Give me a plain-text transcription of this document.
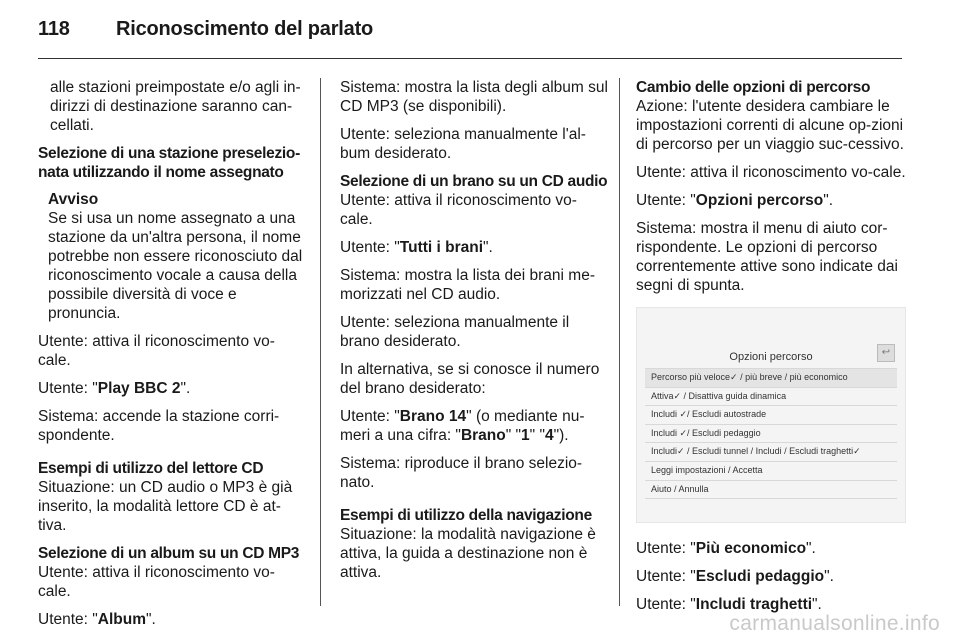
118 Riconoscimento del parlato

alle stazioni preimpostate e/o agli in-dirizzi di destinazione saranno can-cellati.

Selezione di una stazione preselezio-nata utilizzando il nome assegnato

Avviso

Se si usa un nome assegnato a una stazione da un'altra persona, il nome potrebbe non essere riconosciuto dal riconoscimento vocale a causa della possibile diversità di voce e pronuncia.

Utente: attiva il riconoscimento vo-cale.

Utente: "Play BBC 2".

Sistema: accende la stazione corri-spondente.

Esempi di utilizzo del lettore CD

Situazione: un CD audio o MP3 è già inserito, la modalità lettore CD è at-tiva.

Selezione di un album su un CD MP3

Utente: attiva il riconoscimento vo-cale.

Utente: "Album".

Sistema: mostra la lista degli album sul CD MP3 (se disponibili).

Utente: seleziona manualmente l'al-bum desiderato.

Selezione di un brano su un CD audio

Utente: attiva il riconoscimento vo-cale.

Utente: "Tutti i brani".

Sistema: mostra la lista dei brani me-morizzati nel CD audio.

Utente: seleziona manualmente il brano desiderato.

In alternativa, se si conosce il numero del brano desiderato:

Utente: "Brano 14" (o mediante nu-meri a una cifra: "Brano" "1" "4").

Sistema: riproduce il brano selezio-nato.

Esempi di utilizzo della navigazione

Situazione: la modalità navigazione è attiva, la guida a destinazione non è attiva.

Cambio delle opzioni di percorso

Azione: l'utente desidera cambiare le impostazioni correnti di alcune op-zioni di percorso per un viaggio suc-cessivo.

Utente: attiva il riconoscimento vo-cale.

Utente: "Opzioni percorso".

Sistema: mostra il menu di aiuto cor-rispondente. Le opzioni di percorso correntemente attive sono indicate dai segni di spunta.

Opzioni percorso	↩
Percorso più veloce✓ / più breve / più economico
Attiva✓ / Disattiva guida dinamica
Includi ✓/ Escludi autostrade
Includi ✓/ Escludi pedaggio
Includi✓ / Escludi tunnel / Includi / Escludi traghetti✓
Leggi impostazioni / Accetta
Aiuto / Annulla

Utente: "Più economico".

Utente: "Escludi pedaggio".

Utente: "Includi traghetti".

carmanualsonline.info
